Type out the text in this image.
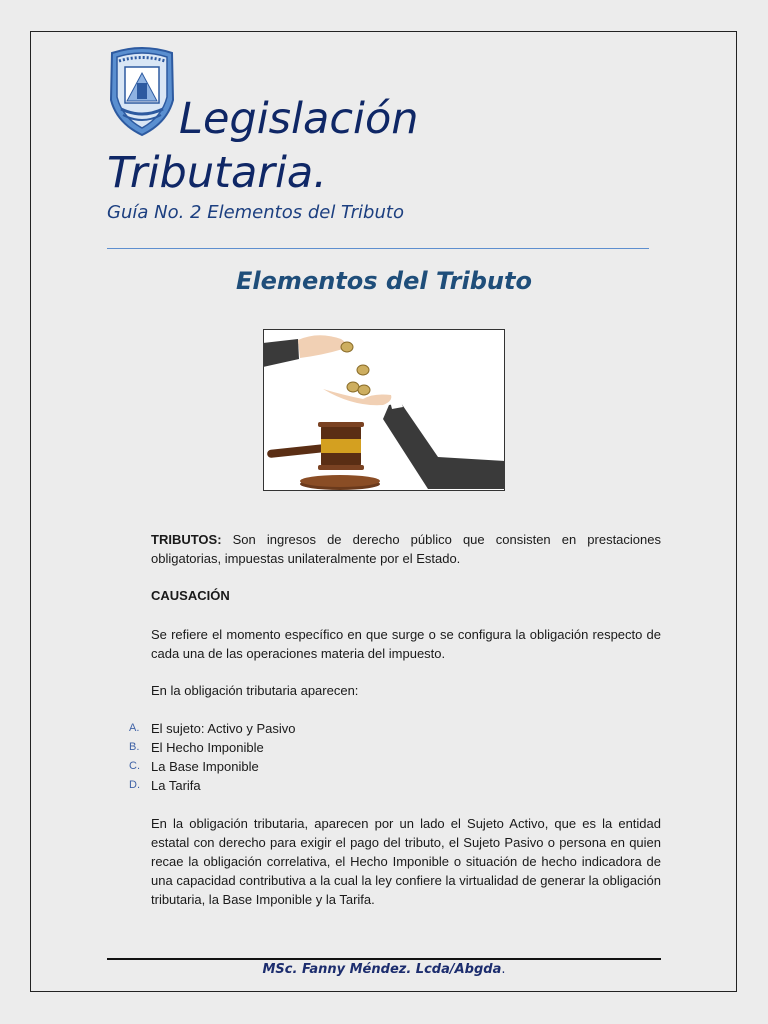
Legislación
Tributaria.
Guía No. 2 Elementos del Tributo
Elementos del Tributo
TRIBUTOS: Son ingresos de derecho público que consisten en prestaciones obligatorias, impuestas unilateralmente por el Estado.
CAUSACIÓN
Se refiere el momento específico en que surge o se configura la obligación respecto de cada una de las operaciones materia del impuesto.
En la obligación tributaria aparecen:
A. El sujeto: Activo y Pasivo
B. El Hecho Imponible
C. La Base Imponible
D. La Tarifa
En la obligación tributaria, aparecen por un lado el Sujeto Activo, que es la entidad estatal con derecho para exigir el pago del tributo, el Sujeto Pasivo o persona en quien recae la obligación correlativa, el Hecho Imponible o situación de hecho indicadora de una capacidad contributiva a la cual la ley confiere la virtualidad de generar la obligación tributaria, la Base Imponible y la Tarifa.
MSc. Fanny Méndez. Lcda/Abgda.
